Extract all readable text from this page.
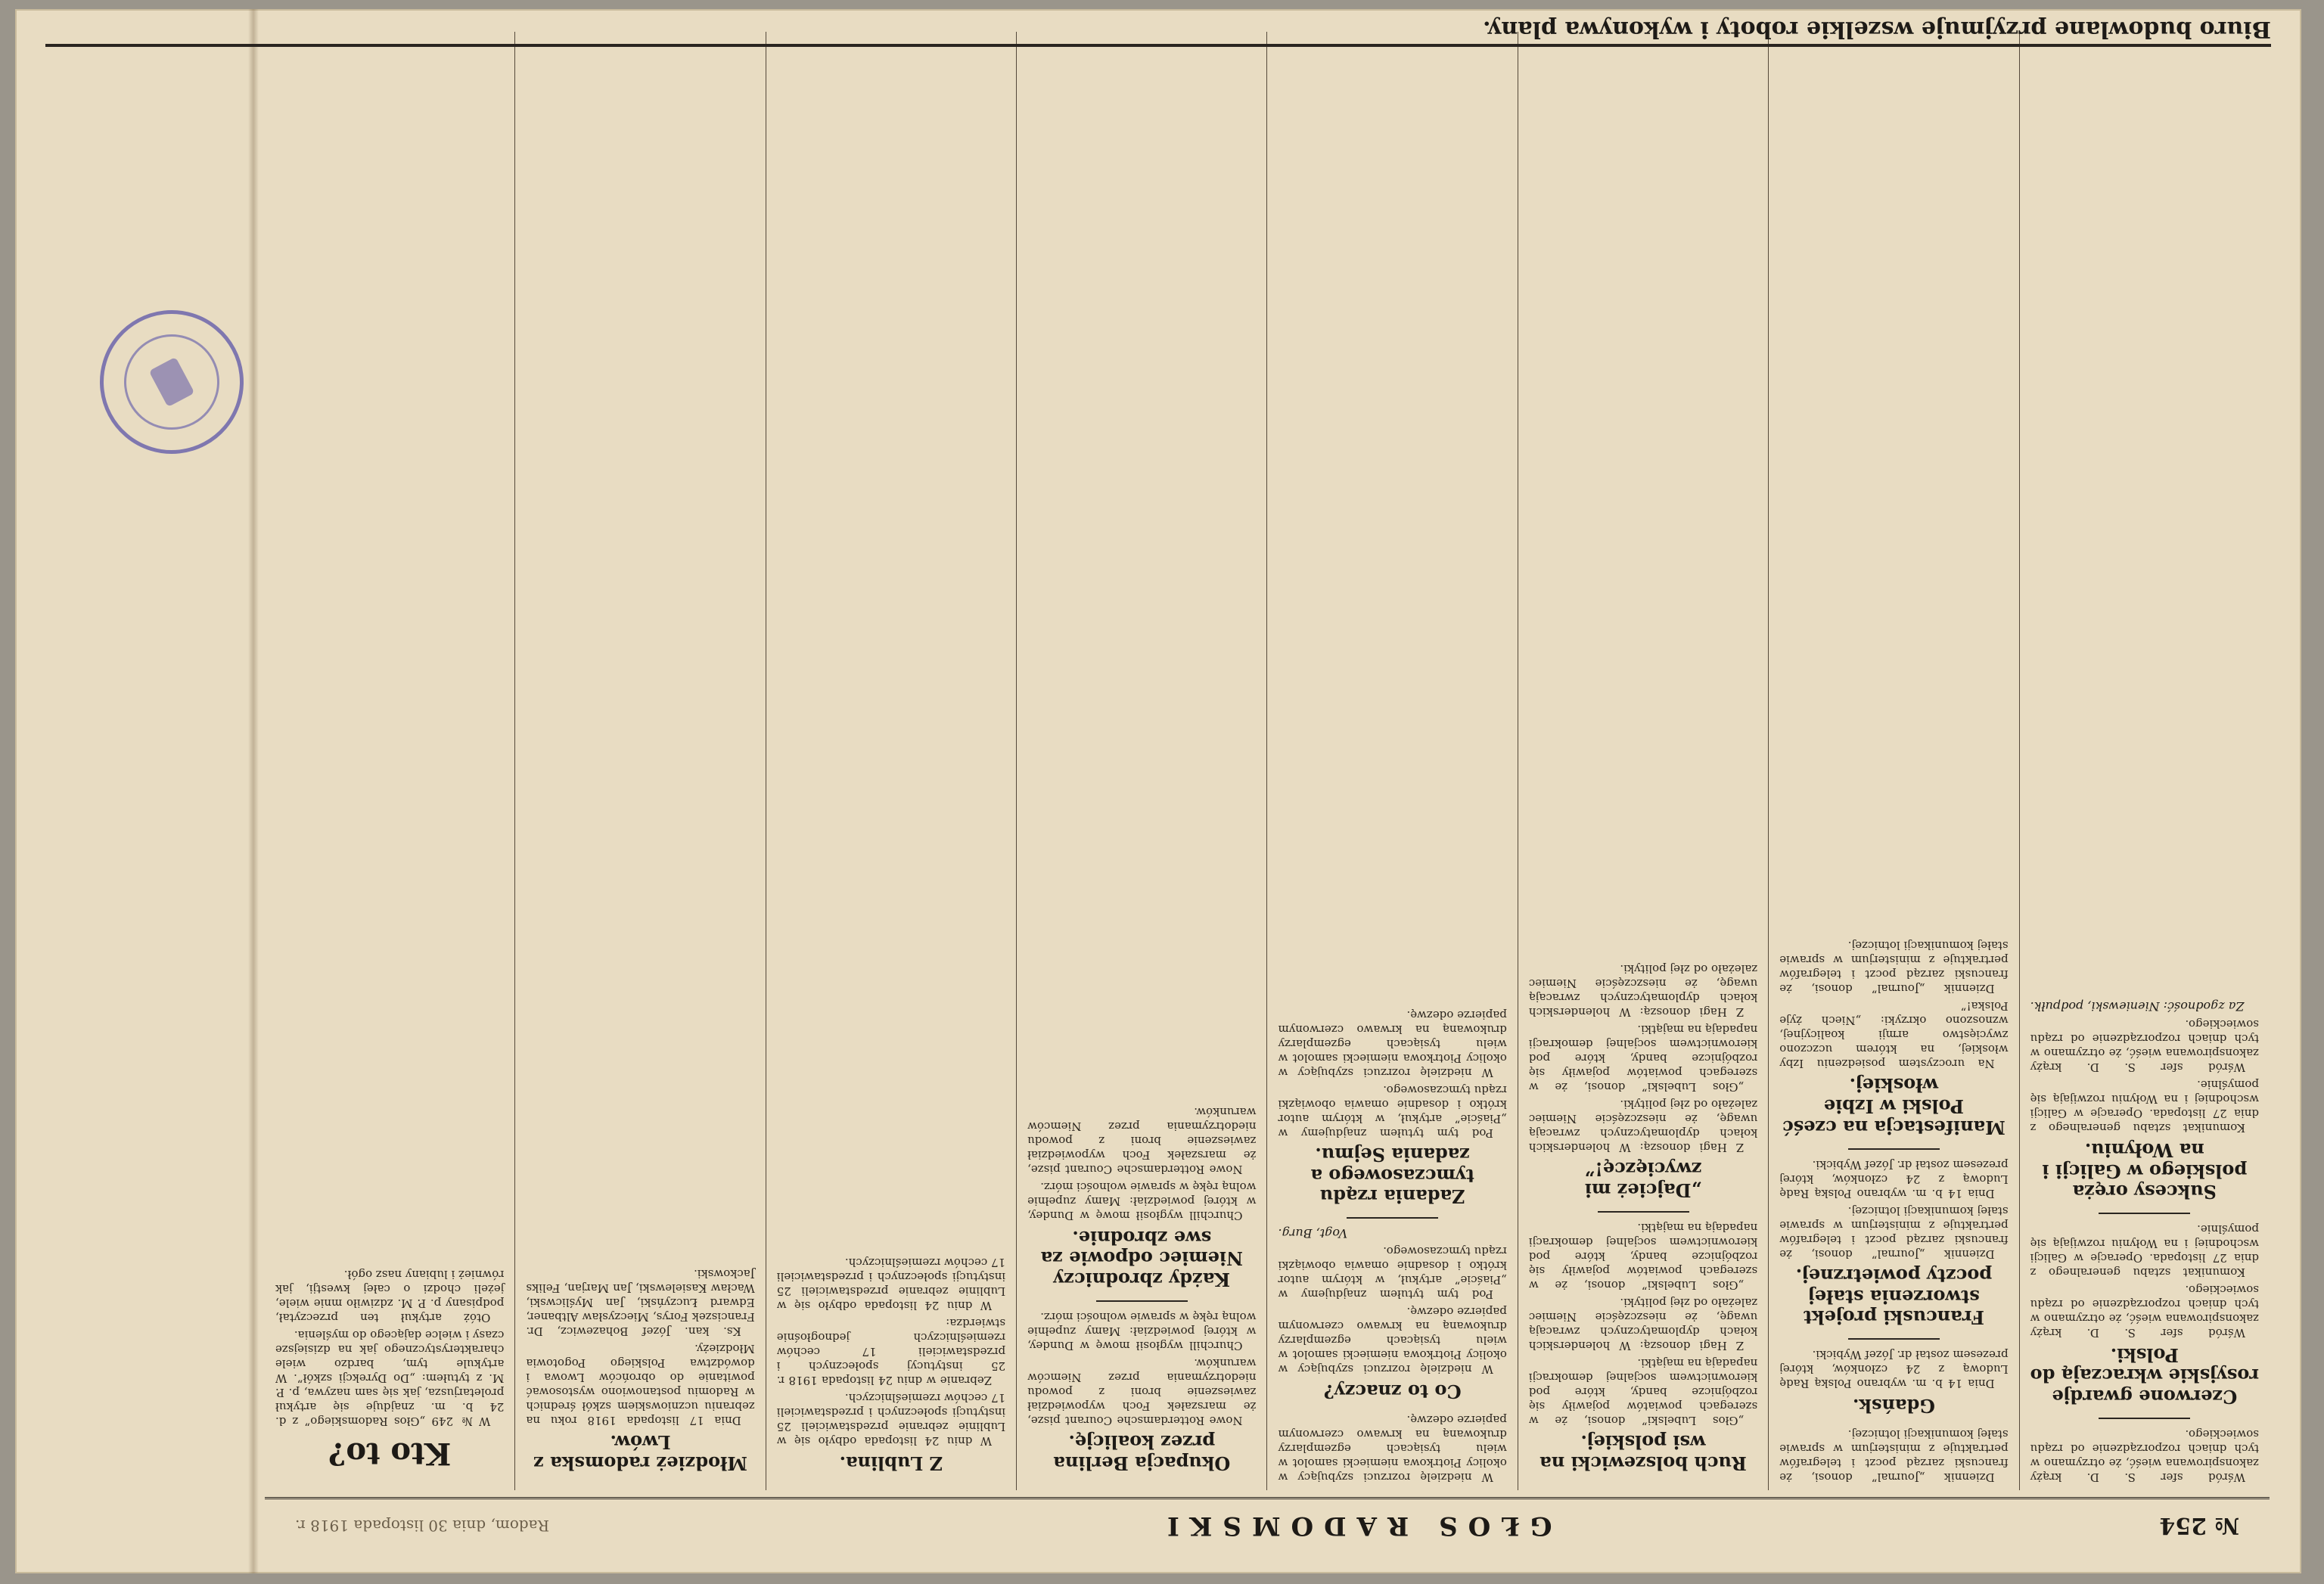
№ 254
GŁOS RADOMSKI
Radom, dnia 30 listopada 1918 r.

Wśród sfer S. D. krąży zakonspirowana wieść, że otrzymano w tych dniach rozporządzenie od rządu sowieckiego.

Czerwone gwardje rosyjskie wkraczają do Polski.

Wśród sfer S. D. krąży zakonspirowana wieść, że otrzymano w tych dniach rozporządzenie od rządu sowieckiego.

Komunikat sztabu generalnego z dnia 27 listopada. Operacje w Galicji wschodniej i na Wołyniu rozwijają się pomyślnie.

Sukcesy oręża polskiego w Galicji i na Wołyniu.

Komunikat sztabu generalnego z dnia 27 listopada. Operacje w Galicji wschodniej i na Wołyniu rozwijają się pomyślnie.

Wśród sfer S. D. krąży zakonspirowana wieść, że otrzymano w tych dniach rozporządzenie od rządu sowieckiego.

Za zgodność: Nieniewski, podpułk.

Dziennik „Journal” donosi, że francuski zarząd poczt i telegrafów pertraktuje z ministerjum w sprawie stałej komunikacji lotniczej.

Gdańsk.

Dnia 14 b. m. wybrano Polską Radę Ludową z 24 członków, której prezesem został dr. Józef Wybicki.

Francuski projekt stworzenia stałej poczty powietrznej.

Dziennik „Journal” donosi, że francuski zarząd poczt i telegrafów pertraktuje z ministerjum w sprawie stałej komunikacji lotniczej.

Dnia 14 b. m. wybrano Polską Radę Ludową z 24 członków, której prezesem został dr. Józef Wybicki.

Manifestacja na cześć Polski w Izbie włoskiej.

Na uroczystem posiedzeniu Izby włoskiej, na którem uczczono zwycięstwo armji koalicyjnej, wznoszono okrzyki: „Niech żyje Polska!”

Dziennik „Journal” donosi, że francuski zarząd poczt i telegrafów pertraktuje z ministerjum w sprawie stałej komunikacji lotniczej.

Ruch bolszewicki na wsi polskiej.

„Głos Lubelski” donosi, że w szeregach powiatów pojawiły się rozbójnicze bandy, które pod kierownictwem socjalnej demokracji napadają na majątki.

Z Hagi donoszą: W holenderskich kołach dyplomatycznych zwracają uwagę, że nieszczęście Niemiec zależało od złej polityki.

„Głos Lubelski” donosi, że w szeregach powiatów pojawiły się rozbójnicze bandy, które pod kierownictwem socjalnej demokracji napadają na majątki.

„Dajcież mi zwycięzcę!”

Z Hagi donoszą: W holenderskich kołach dyplomatycznych zwracają uwagę, że nieszczęście Niemiec zależało od złej polityki.

„Głos Lubelski” donosi, że w szeregach powiatów pojawiły się rozbójnicze bandy, które pod kierownictwem socjalnej demokracji napadają na majątki.

Z Hagi donoszą: W holenderskich kołach dyplomatycznych zwracają uwagę, że nieszczęście Niemiec zależało od złej polityki.

W niedzielę rozrzuci szybujący w okolicy Piotrkowa niemiecki samolot w wielu tysiącach egzemplarzy drukowaną na krwawo czerwonym papierze odezwę.

Co to znaczy?

W niedzielę rozrzuci szybujący w okolicy Piotrkowa niemiecki samolot w wielu tysiącach egzemplarzy drukowaną na krwawo czerwonym papierze odezwę.

Pod tym tytułem znajdujemy w „Piaście” artykuł, w którym autor krótko i dosadnie omawia obowiązki rządu tymczasowego.

Vogt, Burg.
Zadania rządu tymczasowego a zadania Sejmu.

Pod tym tytułem znajdujemy w „Piaście” artykuł, w którym autor krótko i dosadnie omawia obowiązki rządu tymczasowego.

W niedzielę rozrzuci szybujący w okolicy Piotrkowa niemiecki samolot w wielu tysiącach egzemplarzy drukowaną na krwawo czerwonym papierze odezwę.

Okupacja Berlina przez koalicję.

Nowe Rotterdamsche Courant pisze, że marszałek Foch wypowiedział zawieszenie broni z powodu niedotrzymania przez Niemców warunków.

Churchill wygłosił mowę w Dundey, w której powiedział: Mamy zupełnie wolną rękę w sprawie wolności mórz.

Każdy zbrodniczy Niemiec odpowie za swe zbrodnie.

Churchill wygłosił mowę w Dundey, w której powiedział: Mamy zupełnie wolną rękę w sprawie wolności mórz.

Nowe Rotterdamsche Courant pisze, że marszałek Foch wypowiedział zawieszenie broni z powodu niedotrzymania przez Niemców warunków.

Z Lublina.

W dniu 24 listopada odbyło się w Lublinie zebranie przedstawicieli 25 instytucji społecznych i przedstawicieli 17 cechów rzemieślniczych.

Zebranie w dniu 24 listopada 1918 r. 25 instytucyj społecznych i przedstawicieli 17 cechów rzemieślniczych jednogłośnie stwierdza:

W dniu 24 listopada odbyło się w Lublinie zebranie przedstawicieli 25 instytucji społecznych i przedstawicieli 17 cechów rzemieślniczych.

Młodzież radomska z Lwów.

Dnia 17 listopada 1918 roku na zebraniu uczniowskiem szkół średnich w Radomiu postanowiono wystosować powitanie do obrońców Lwowa i dowództwa Polskiego Pogotowia Młodzieży.

Ks. kan. Józef Bohazewicz, Dr. Franciszek Forys, Mieczysław Altbaner, Edward Łuczyński, Jan Myślicwski, Wacław Kasielewski, Jan Marjan, Feliks Jackowski.

Kto to?

W № 249 „Głos Radomskiego” z d. 24 b. m. znajduje się artykuł proletarjusza, jak się sam nazywa, p. P. M. z tytułem: „Do Dyrekcji szkół”. W artykule tym, bardzo wiele charakterystycznego jak na dzisiejsze czasy i wielce dającego do myślenia.

Otóż artykuł ten przeczytał, podpisany p. P. M. zdziwiło mnie wiele, jeżeli chodzi o całej kwestji, jak również i lubiany nasz ogół.

Biuro budowlane przyjmuje wszelkie roboty i wykonywa plany.
